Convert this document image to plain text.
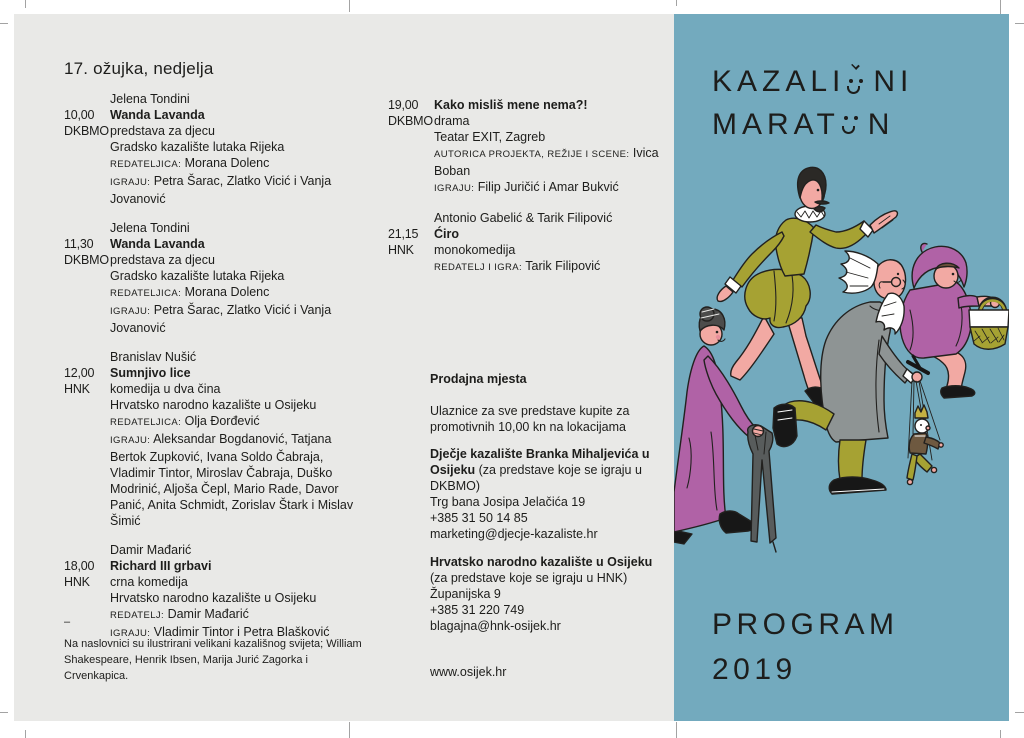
17. ožujka, nedjelja
Jelena Tondini
10,00 Wanda Lavanda
DKBMO predstava za djecu
Gradsko kazalište lutaka Rijeka
REDATELJICA: Morana Dolenc
IGRAJU: Petra Šarac, Zlatko Vicić i Vanja Jovanović
Jelena Tondini
11,30 Wanda Lavanda
DKBMO predstava za djecu
Gradsko kazalište lutaka Rijeka
REDATELJICA: Morana Dolenc
IGRAJU: Petra Šarac, Zlatko Vicić i Vanja Jovanović
Branislav Nušić
12,00 Sumnjivo lice
HNK komedija u dva čina
Hrvatsko narodno kazalište u Osijeku
REDATELJICA: Olja Đorđević
IGRAJU: Aleksandar Bogdanović, Tatjana Bertok Zupković, Ivana Soldo Čabraja, Vladimir Tintor, Miroslav Čabraja, Duško Modrinić, Aljoša Čepl, Mario Rade, Davor Panić, Anita Schmidt, Zorislav Štark i Mislav Šimić
Damir Mađarić
18,00 Richard III grbavi
HNK crna komedija
Hrvatsko narodno kazalište u Osijeku
REDATELJ: Damir Mađarić
IGRAJU: Vladimir Tintor i Petra Blašković
19,00 Kako misliš mene nema?!
DKBMO drama
Teatar EXIT, Zagreb
AUTORICA PROJEKTA, REŽIJE I SCENE: Ivica Boban
IGRAJU: Filip Juričić i Amar Bukvić
Antonio Gabelić & Tarik Filipović
21,15 Ćiro
HNK monokomedija
REDATELJ I IGRA: Tarik Filipović
Prodajna mjesta
Ulaznice za sve predstave kupite za promotivnih 10,00 kn na lokacijama
Dječje kazalište Branka Mihaljevića u Osijeku (za predstave koje se igraju u DKBMO)
Trg bana Josipa Jelačića 19
+385 31 50 14 85
marketing@djecje-kazaliste.hr
Hrvatsko narodno kazalište u Osijeku (za predstave koje se igraju u HNK)
Županijska 9
+385 31 220 749
blagajna@hnk-osijek.hr
www.osijek.hr
–

Na naslovnici su ilustrirani velikani kazališnog svijeta; William Shakespeare, Henrik Ibsen, Marija Jurić Zagorka i Crvenkapica.

KAZALI NI
MARAT N
PROGRAM
2019
